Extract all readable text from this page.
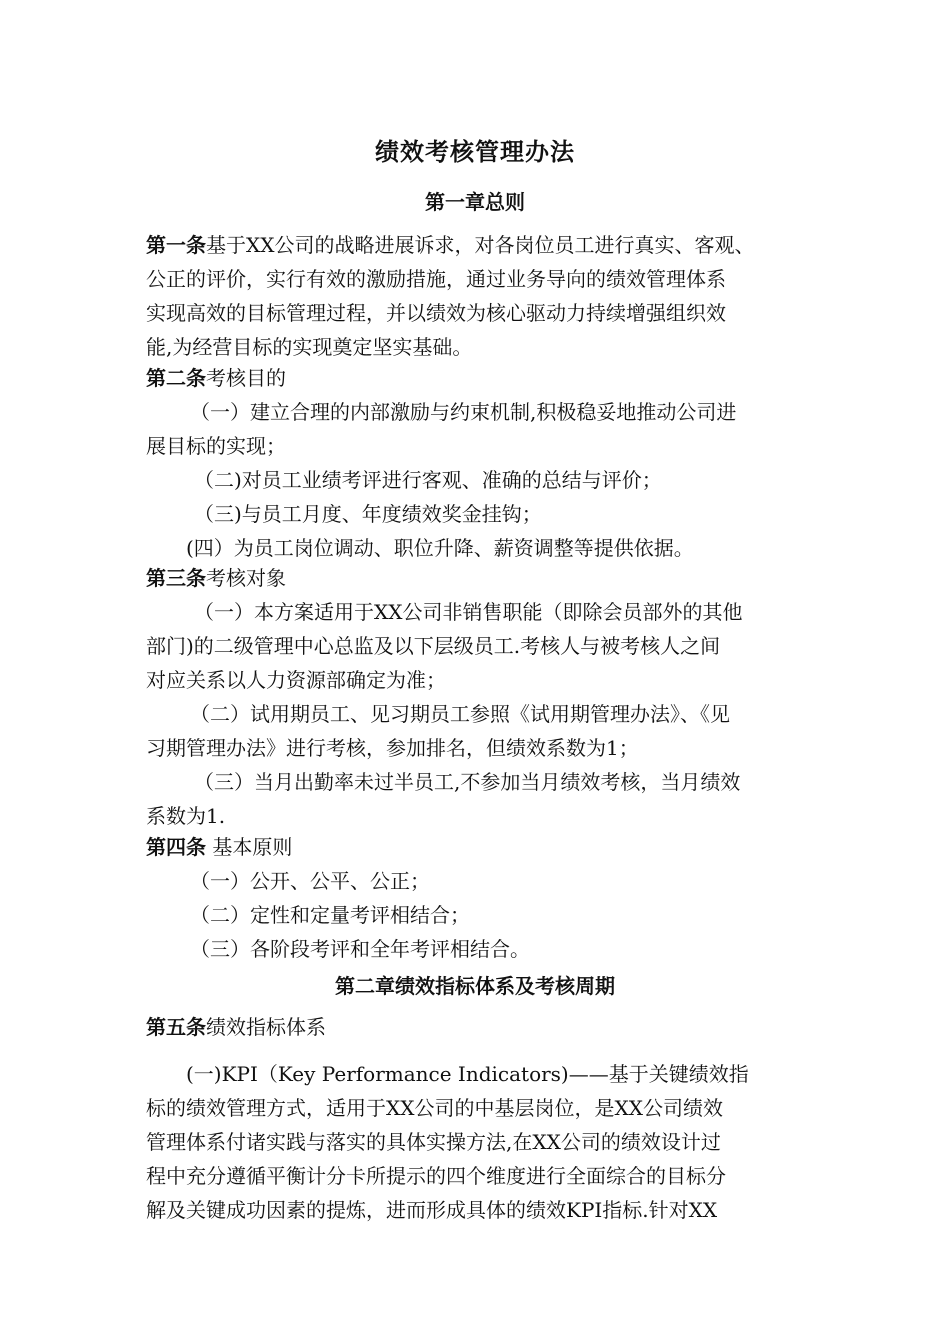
绩效考核管理办法
第一章总则
第一条基于XX公司的战略进展诉求，对各岗位员工进行真实、客观、
公正的评价，实行有效的激励措施，通过业务导向的绩效管理体系
实现高效的目标管理过程，并以绩效为核心驱动力持续增强组织效
能,为经营目标的实现奠定坚实基础。
第二条考核目的
（一）建立合理的内部激励与约束机制,积极稳妥地推动公司进
展目标的实现；
（二)对员工业绩考评进行客观、准确的总结与评价；
（三)与员工月度、年度绩效奖金挂钩；
(四）为员工岗位调动、职位升降、薪资调整等提供依据。
第三条考核对象
（一）本方案适用于XX公司非销售职能（即除会员部外的其他
部门)的二级管理中心总监及以下层级员工.考核人与被考核人之间
对应关系以人力资源部确定为准；
（二）试用期员工、见习期员工参照《试用期管理办法》、《见
习期管理办法》进行考核，参加排名，但绩效系数为1；
（三）当月出勤率未过半员工,不参加当月绩效考核，当月绩效
系数为1.
第四条 基本原则
（一）公开、公平、公正；
（二）定性和定量考评相结合；
（三）各阶段考评和全年考评相结合。
第二章绩效指标体系及考核周期
第五条绩效指标体系
(一)KPI（Key Performance Indicators)——基于关键绩效指
标的绩效管理方式，适用于XX公司的中基层岗位，是XX公司绩效
管理体系付诸实践与落实的具体实操方法,在XX公司的绩效设计过
程中充分遵循平衡计分卡所提示的四个维度进行全面综合的目标分
解及关键成功因素的提炼，进而形成具体的绩效KPI指标.针对XX
